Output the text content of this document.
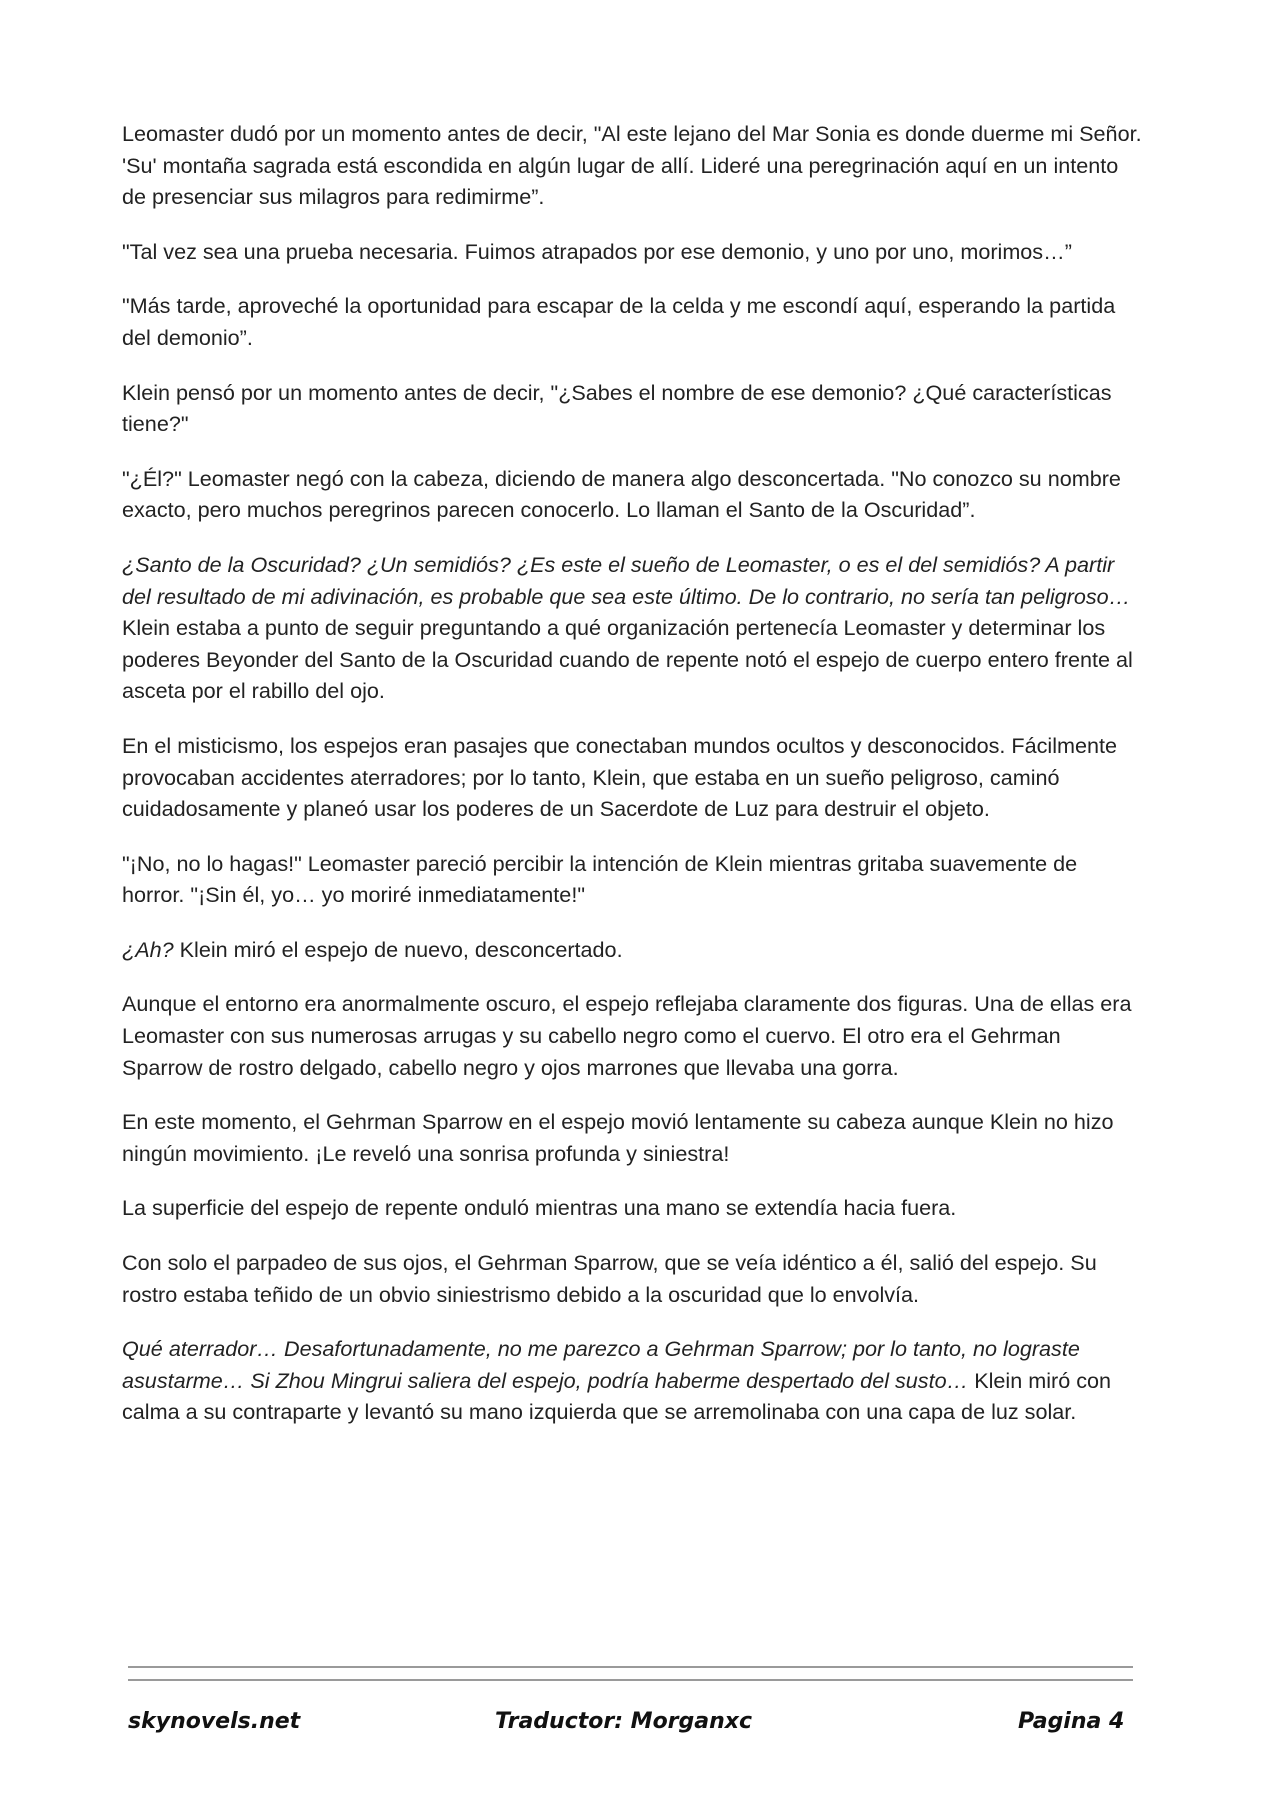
Leomaster dudó por un momento antes de decir, "Al este lejano del Mar Sonia es donde duerme mi Señor. 'Su' montaña sagrada está escondida en algún lugar de allí. Lideré una peregrinación aquí en un intento de presenciar sus milagros para redimirme”.

"Tal vez sea una prueba necesaria. Fuimos atrapados por ese demonio, y uno por uno, morimos…”

"Más tarde, aproveché la oportunidad para escapar de la celda y me escondí aquí, esperando la partida del demonio”.

Klein pensó por un momento antes de decir, "¿Sabes el nombre de ese demonio? ¿Qué características tiene?"

"¿Él?" Leomaster negó con la cabeza, diciendo de manera algo desconcertada. "No conozco su nombre exacto, pero muchos peregrinos parecen conocerlo. Lo llaman el Santo de la Oscuridad”.

¿Santo de la Oscuridad? ¿Un semidiós? ¿Es este el sueño de Leomaster, o es el del semidiós? A partir del resultado de mi adivinación, es probable que sea este último. De lo contrario, no sería tan peligroso… Klein estaba a punto de seguir preguntando a qué organización pertenecía Leomaster y determinar los poderes Beyonder del Santo de la Oscuridad cuando de repente notó el espejo de cuerpo entero frente al asceta por el rabillo del ojo.

En el misticismo, los espejos eran pasajes que conectaban mundos ocultos y desconocidos. Fácilmente provocaban accidentes aterradores; por lo tanto, Klein, que estaba en un sueño peligroso, caminó cuidadosamente y planeó usar los poderes de un Sacerdote de Luz para destruir el objeto.

"¡No, no lo hagas!" Leomaster pareció percibir la intención de Klein mientras gritaba suavemente de horror. "¡Sin él, yo… yo moriré inmediatamente!"

¿Ah? Klein miró el espejo de nuevo, desconcertado.

Aunque el entorno era anormalmente oscuro, el espejo reflejaba claramente dos figuras. Una de ellas era Leomaster con sus numerosas arrugas y su cabello negro como el cuervo. El otro era el Gehrman Sparrow de rostro delgado, cabello negro y ojos marrones que llevaba una gorra.

En este momento, el Gehrman Sparrow en el espejo movió lentamente su cabeza aunque Klein no hizo ningún movimiento. ¡Le reveló una sonrisa profunda y siniestra!

La superficie del espejo de repente onduló mientras una mano se extendía hacia fuera.

Con solo el parpadeo de sus ojos, el Gehrman Sparrow, que se veía idéntico a él, salió del espejo. Su rostro estaba teñido de un obvio siniestrismo debido a la oscuridad que lo envolvía.

Qué aterrador… Desafortunadamente, no me parezco a Gehrman Sparrow; por lo tanto, no lograste asustarme… Si Zhou Mingrui saliera del espejo, podría haberme despertado del susto… Klein miró con calma a su contraparte y levantó su mano izquierda que se arremolinaba con una capa de luz solar.

skynovels.net	Traductor: Morganxc	Pagina 4
